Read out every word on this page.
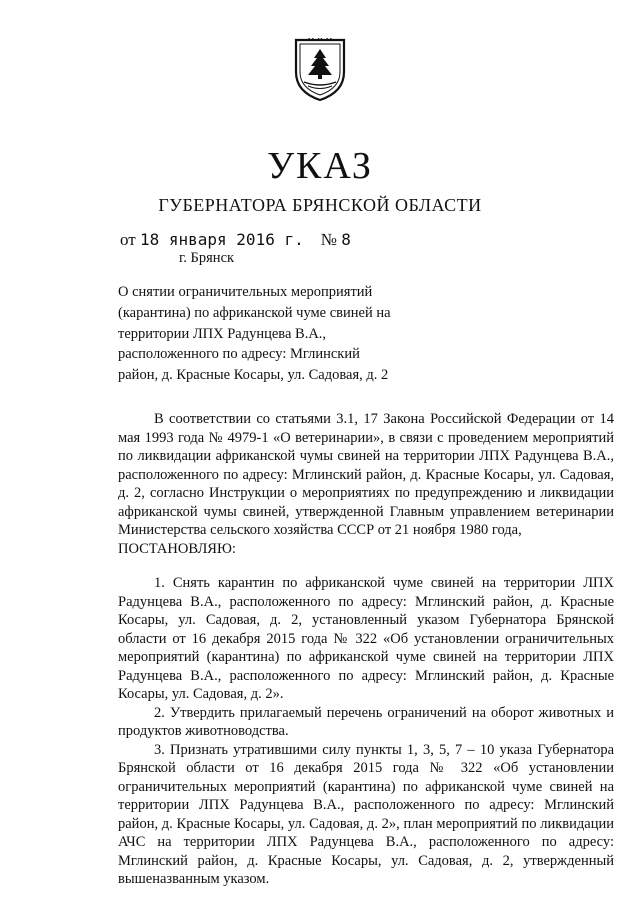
УКАЗ
ГУБЕРНАТОРА БРЯНСКОЙ ОБЛАСТИ
от 18 января 2016 г. № 8
г. Брянск
О снятии ограничительных мероприятий (карантина) по африканской чуме свиней на территории ЛПХ Радунцева В.А., расположенного по адресу: Мглинский район, д. Красные Косары, ул. Садовая, д. 2

В соответствии со статьями 3.1, 17 Закона Российской Федерации от 14 мая 1993 года № 4979-1 «О ветеринарии», в связи с проведением мероприятий по ликвидации африканской чумы свиней на территории ЛПХ Радунцева В.А., расположенного по адресу: Мглинский район, д. Красные Косары, ул. Садовая, д. 2, согласно Инструкции о мероприятиях по предупреждению и ликвидации африканской чумы свиней, утвержденной Главным управлением ветеринарии Министерства сельского хозяйства СССР от 21 ноября 1980 года,

ПОСТАНОВЛЯЮ:

1. Снять карантин по африканской чуме свиней на территории ЛПХ Радунцева В.А., расположенного по адресу: Мглинский район, д. Красные Косары, ул. Садовая, д. 2, установленный указом Губернатора Брянской области от 16 декабря 2015 года № 322 «Об установлении ограничительных мероприятий (карантина) по африканской чуме свиней на территории ЛПХ Радунцева В.А., расположенного по адресу: Мглинский район, д. Красные Косары, ул. Садовая, д. 2».

2. Утвердить прилагаемый перечень ограничений на оборот животных и продуктов животноводства.

3. Признать утратившими силу пункты 1, 3, 5, 7 – 10 указа Губернатора Брянской области от 16 декабря 2015 года № 322 «Об установлении ограничительных мероприятий (карантина) по африканской чуме свиней на территории ЛПХ Радунцева В.А., расположенного по адресу: Мглинский район, д. Красные Косары, ул. Садовая, д. 2», план мероприятий по ликвидации АЧС на территории ЛПХ Радунцева В.А., расположенного по адресу: Мглинский район, д. Красные Косары, ул. Садовая, д. 2, утвержденный вышеназванным указом.
